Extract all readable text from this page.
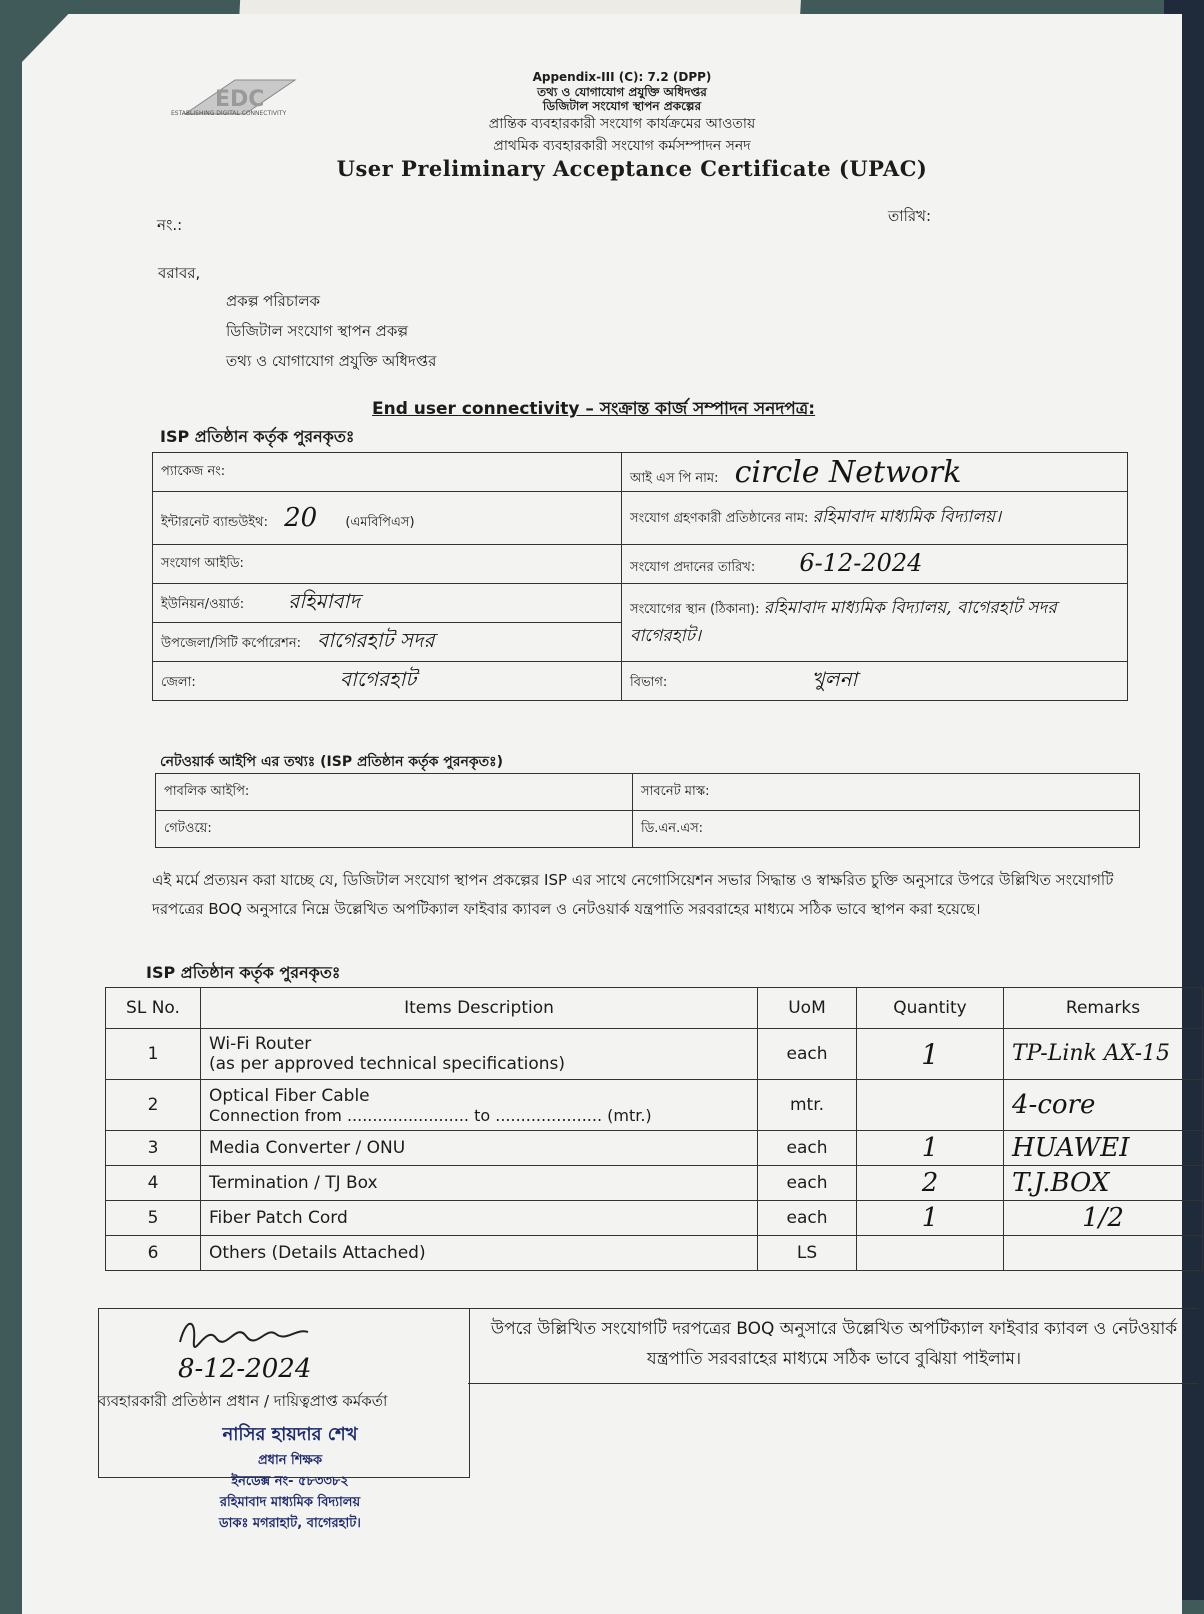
EDC
ESTABLISHING DIGITAL CONNECTIVITY
Appendix-III (C): 7.2 (DPP)
তথ্য ও যোগাযোগ প্রযুক্তি অধিদপ্তর
ডিজিটাল সংযোগ স্থাপন প্রকল্পের
প্রান্তিক ব্যবহারকারী সংযোগ কার্যক্রমের আওতায়
প্রাথমিক ব্যবহারকারী সংযোগ কর্মসম্পাদন সনদ
User Preliminary Acceptance Certificate (UPAC)
নং.:	তারিখ:
বরাবর,
প্রকল্প পরিচালক
ডিজিটাল সংযোগ স্থাপন প্রকল্প
তথ্য ও যোগাযোগ প্রযুক্তি অধিদপ্তর
End user connectivity – সংক্রান্ত কার্জ সম্পাদন সনদপত্র:
ISP প্রতিষ্ঠান কর্তৃক পুরনকৃতঃ
প্যাকেজ নং:	আই এস পি নাম: circle Network
ইন্টারনেট ব্যান্ডউইথ: 20 (এমবিপিএস)	সংযোগ গ্রহণকারী প্রতিষ্ঠানের নাম: রহিমাবাদ মাধ্যমিক বিদ্যালয়।
সংযোগ আইডি:	সংযোগ প্রদানের তারিখ: 6-12-2024
ইউনিয়ন/ওয়ার্ড: রহিমাবাদ	সংযোগের স্থান (ঠিকানা): রহিমাবাদ মাধ্যমিক বিদ্যালয়, বাগেরহাট সদর বাগেরহাট।
উপজেলা/সিটি কর্পোরেশন: বাগেরহাট সদর	
জেলা: বাগেরহাট	বিভাগ: খুলনা
নেটওয়ার্ক আইপি এর তথ্যঃ (ISP প্রতিষ্ঠান কর্তৃক পুরনকৃতঃ)
পাবলিক আইপি:	সাবনেট মাস্ক:
গেটওয়ে:	ডি.এন.এস:
এই মর্মে প্রত্যয়ন করা যাচ্ছে যে, ডিজিটাল সংযোগ স্থাপন প্রকল্পের ISP এর সাথে নেগোসিয়েশন সভার সিদ্ধান্ত ও স্বাক্ষরিত চুক্তি অনুসারে উপরে উল্লিখিত সংযোগটি দরপত্রের BOQ অনুসারে নিম্নে উল্লেখিত অপটিক্যাল ফাইবার ক্যাবল ও নেটওয়ার্ক যন্ত্রপাতি সরবরাহের মাধ্যমে সঠিক ভাবে স্থাপন করা হয়েছে।
ISP প্রতিষ্ঠান কর্তৃক পুরনকৃতঃ
SL No.	Items Description	UoM	Quantity	Remarks
1	Wi-Fi Router
(as per approved technical specifications)	each	1	TP-Link AX-15
2	Optical Fiber Cable
Connection from ........................ to ..................... (mtr.)	mtr.		4-core
3	Media Converter / ONU	each	1	HUAWEI
4	Termination / TJ Box	each	2	T.J.BOX
5	Fiber Patch Cord	each	1	1/2
6	Others (Details Attached)	LS		
উপরে উল্লিখিত সংযোগটি দরপত্রের BOQ অনুসারে উল্লেখিত অপটিক্যাল ফাইবার ক্যাবল ও নেটওয়ার্ক যন্ত্রপাতি সরবরাহের মাধ্যমে সঠিক ভাবে বুঝিয়া পাইলাম।
8-12-2024
ব্যবহারকারী প্রতিষ্ঠান প্রধান / দায়িত্বপ্রাপ্ত কর্মকর্তা
নাসির হায়দার শেখ
প্রধান শিক্ষক
ইনডেক্স নং- ৫৮৩৩৮২
রহিমাবাদ মাধ্যমিক বিদ্যালয়
ডাকঃ মগরাহাট, বাগেরহাট।
